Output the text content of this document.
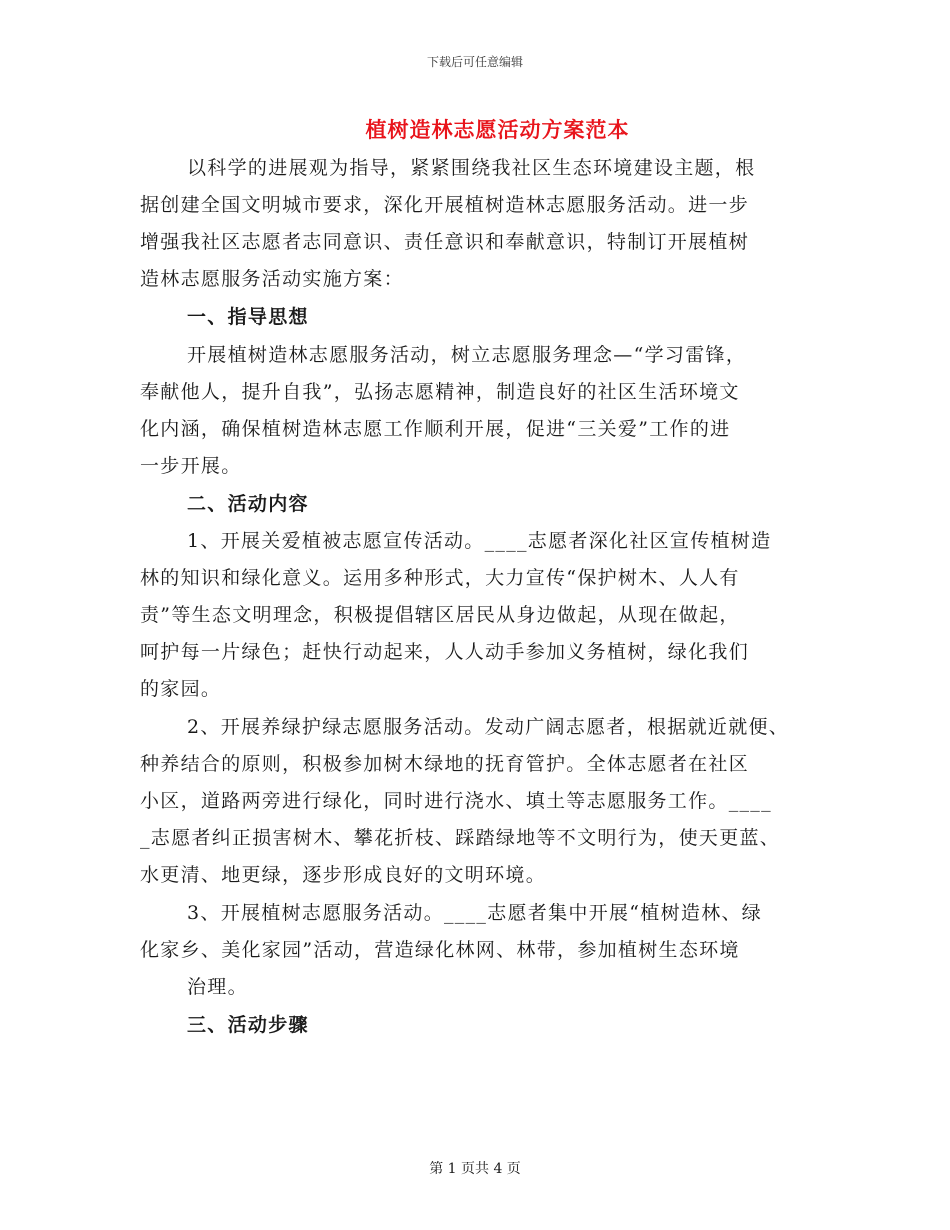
下载后可任意编辑
植树造林志愿活动方案范本
以科学的进展观为指导，紧紧围绕我社区生态环境建设主题，根
据创建全国文明城市要求，深化开展植树造林志愿服务活动。进一步
增强我社区志愿者志同意识、责任意识和奉献意识，特制订开展植树
造林志愿服务活动实施方案：
一、指导思想
开展植树造林志愿服务活动，树立志愿服务理念—“学习雷锋，
奉献他人，提升自我”，弘扬志愿精神，制造良好的社区生活环境文
化内涵，确保植树造林志愿工作顺利开展，促进“三关爱”工作的进
一步开展。
二、活动内容
1、开展关爱植被志愿宣传活动。____志愿者深化社区宣传植树造
林的知识和绿化意义。运用多种形式，大力宣传“保护树木、人人有
责”等生态文明理念，积极提倡辖区居民从身边做起，从现在做起，
呵护每一片绿色；赶快行动起来，人人动手参加义务植树，绿化我们
的家园。
2、开展养绿护绿志愿服务活动。发动广阔志愿者，根据就近就便、
种养结合的原则，积极参加树木绿地的抚育管护。全体志愿者在社区
小区，道路两旁进行绿化，同时进行浇水、填土等志愿服务工作。____
_志愿者纠正损害树木、攀花折枝、踩踏绿地等不文明行为，使天更蓝、
水更清、地更绿，逐步形成良好的文明环境。
3、开展植树志愿服务活动。____志愿者集中开展“植树造林、绿
化家乡、美化家园”活动，营造绿化林网、林带，参加植树生态环境
治理。
三、活动步骤
第 1 页共 4 页
